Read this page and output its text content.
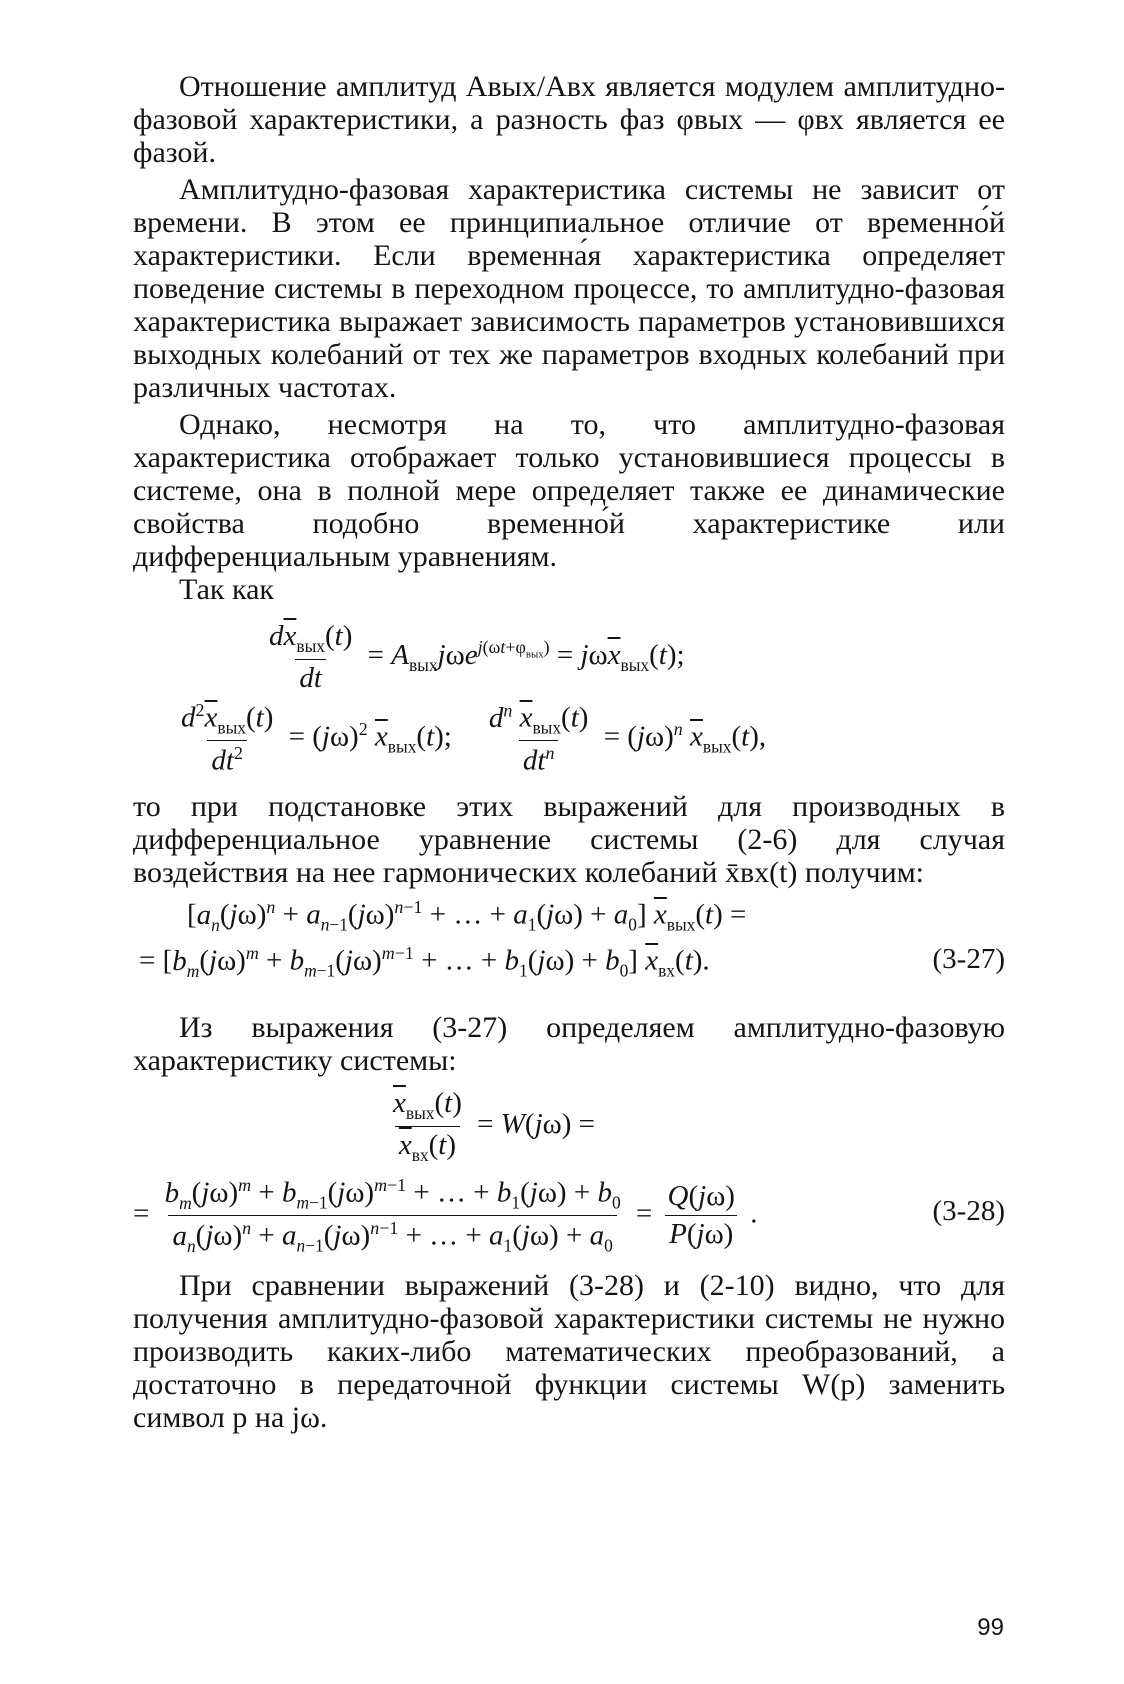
Отношение амплитуд Aвых/Aвх является модулем амплитудно-фазовой характеристики, а разность фаз φвых — φвх является ее фазой.

Амплитудно-фазовая характеристика системы не зависит от времени. В этом ее принципиальное отличие от временно́й характеристики. Если временна́я характеристика определяет поведение системы в переходном процессе, то амплитудно-фазовая характеристика выражает зависимость параметров установившихся выходных колебаний от тех же параметров входных колебаний при различных частотах.

Однако, несмотря на то, что амплитудно-фазовая характеристика отображает только установившиеся процессы в системе, она в полной мере определяет также ее динамические свойства подобно временно́й характеристике или дифференциальным уравнениям.

Так как

$\frac{d\overline{x}_{вых}(t)}{dt} = A_{вых}j\omega e^{j(\omega t+\varphi_{вых})} = j\omega\overline{x}_{вых}(t)$;
$\frac{d^2\overline{x}_{вых}(t)}{dt^2} = (j\omega)^2$ $\overline{x}_{вых}(t)$; $\frac{d^n \overline{x}_{вых}(t)}{dt^n} = (j\omega)^n$ $\overline{x}_{вых}(t)$,

то при подстановке этих выражений для производных в дифференциальное уравнение системы (2-6) для случая воздействия на нее гармонических колебаний x̄вх(t) получим:

[$a_n(j\omega)^n + a_{n-1}(j\omega)^{n-1}$ + … + $a_1(j\omega) + a_0$] $\overline{x}_{вых}(t)$ =
= [$b_m(j\omega)^m + b_{m-1}(j\omega)^{m-1}$ + … + $b_1(j\omega) + b_0$] $\overline{x}_{вх}(t)$.	(3-27)

Из выражения (3-27) определяем амплитудно-фазовую характеристику системы:

$\frac{\overline{x}_{вых}(t)}{\overline{x}_{вх}(t)} = W(j\omega)$ =
= $\frac{b_m(j\omega)^m + b_{m-1}(j\omega)^{m-1} + \dots + b_1(j\omega) + b_0}{a_n(j\omega)^n + a_{n-1}(j\omega)^{n-1} + \dots + a_1(j\omega) + a_0} = \frac{Q(j\omega)}{P(j\omega)}$ .	(3-28)

При сравнении выражений (3-28) и (2-10) видно, что для получения амплитудно-фазовой характеристики системы не нужно производить каких-либо математических преобразований, а достаточно в передаточной функции системы W(p) заменить символ p на jω.

99
